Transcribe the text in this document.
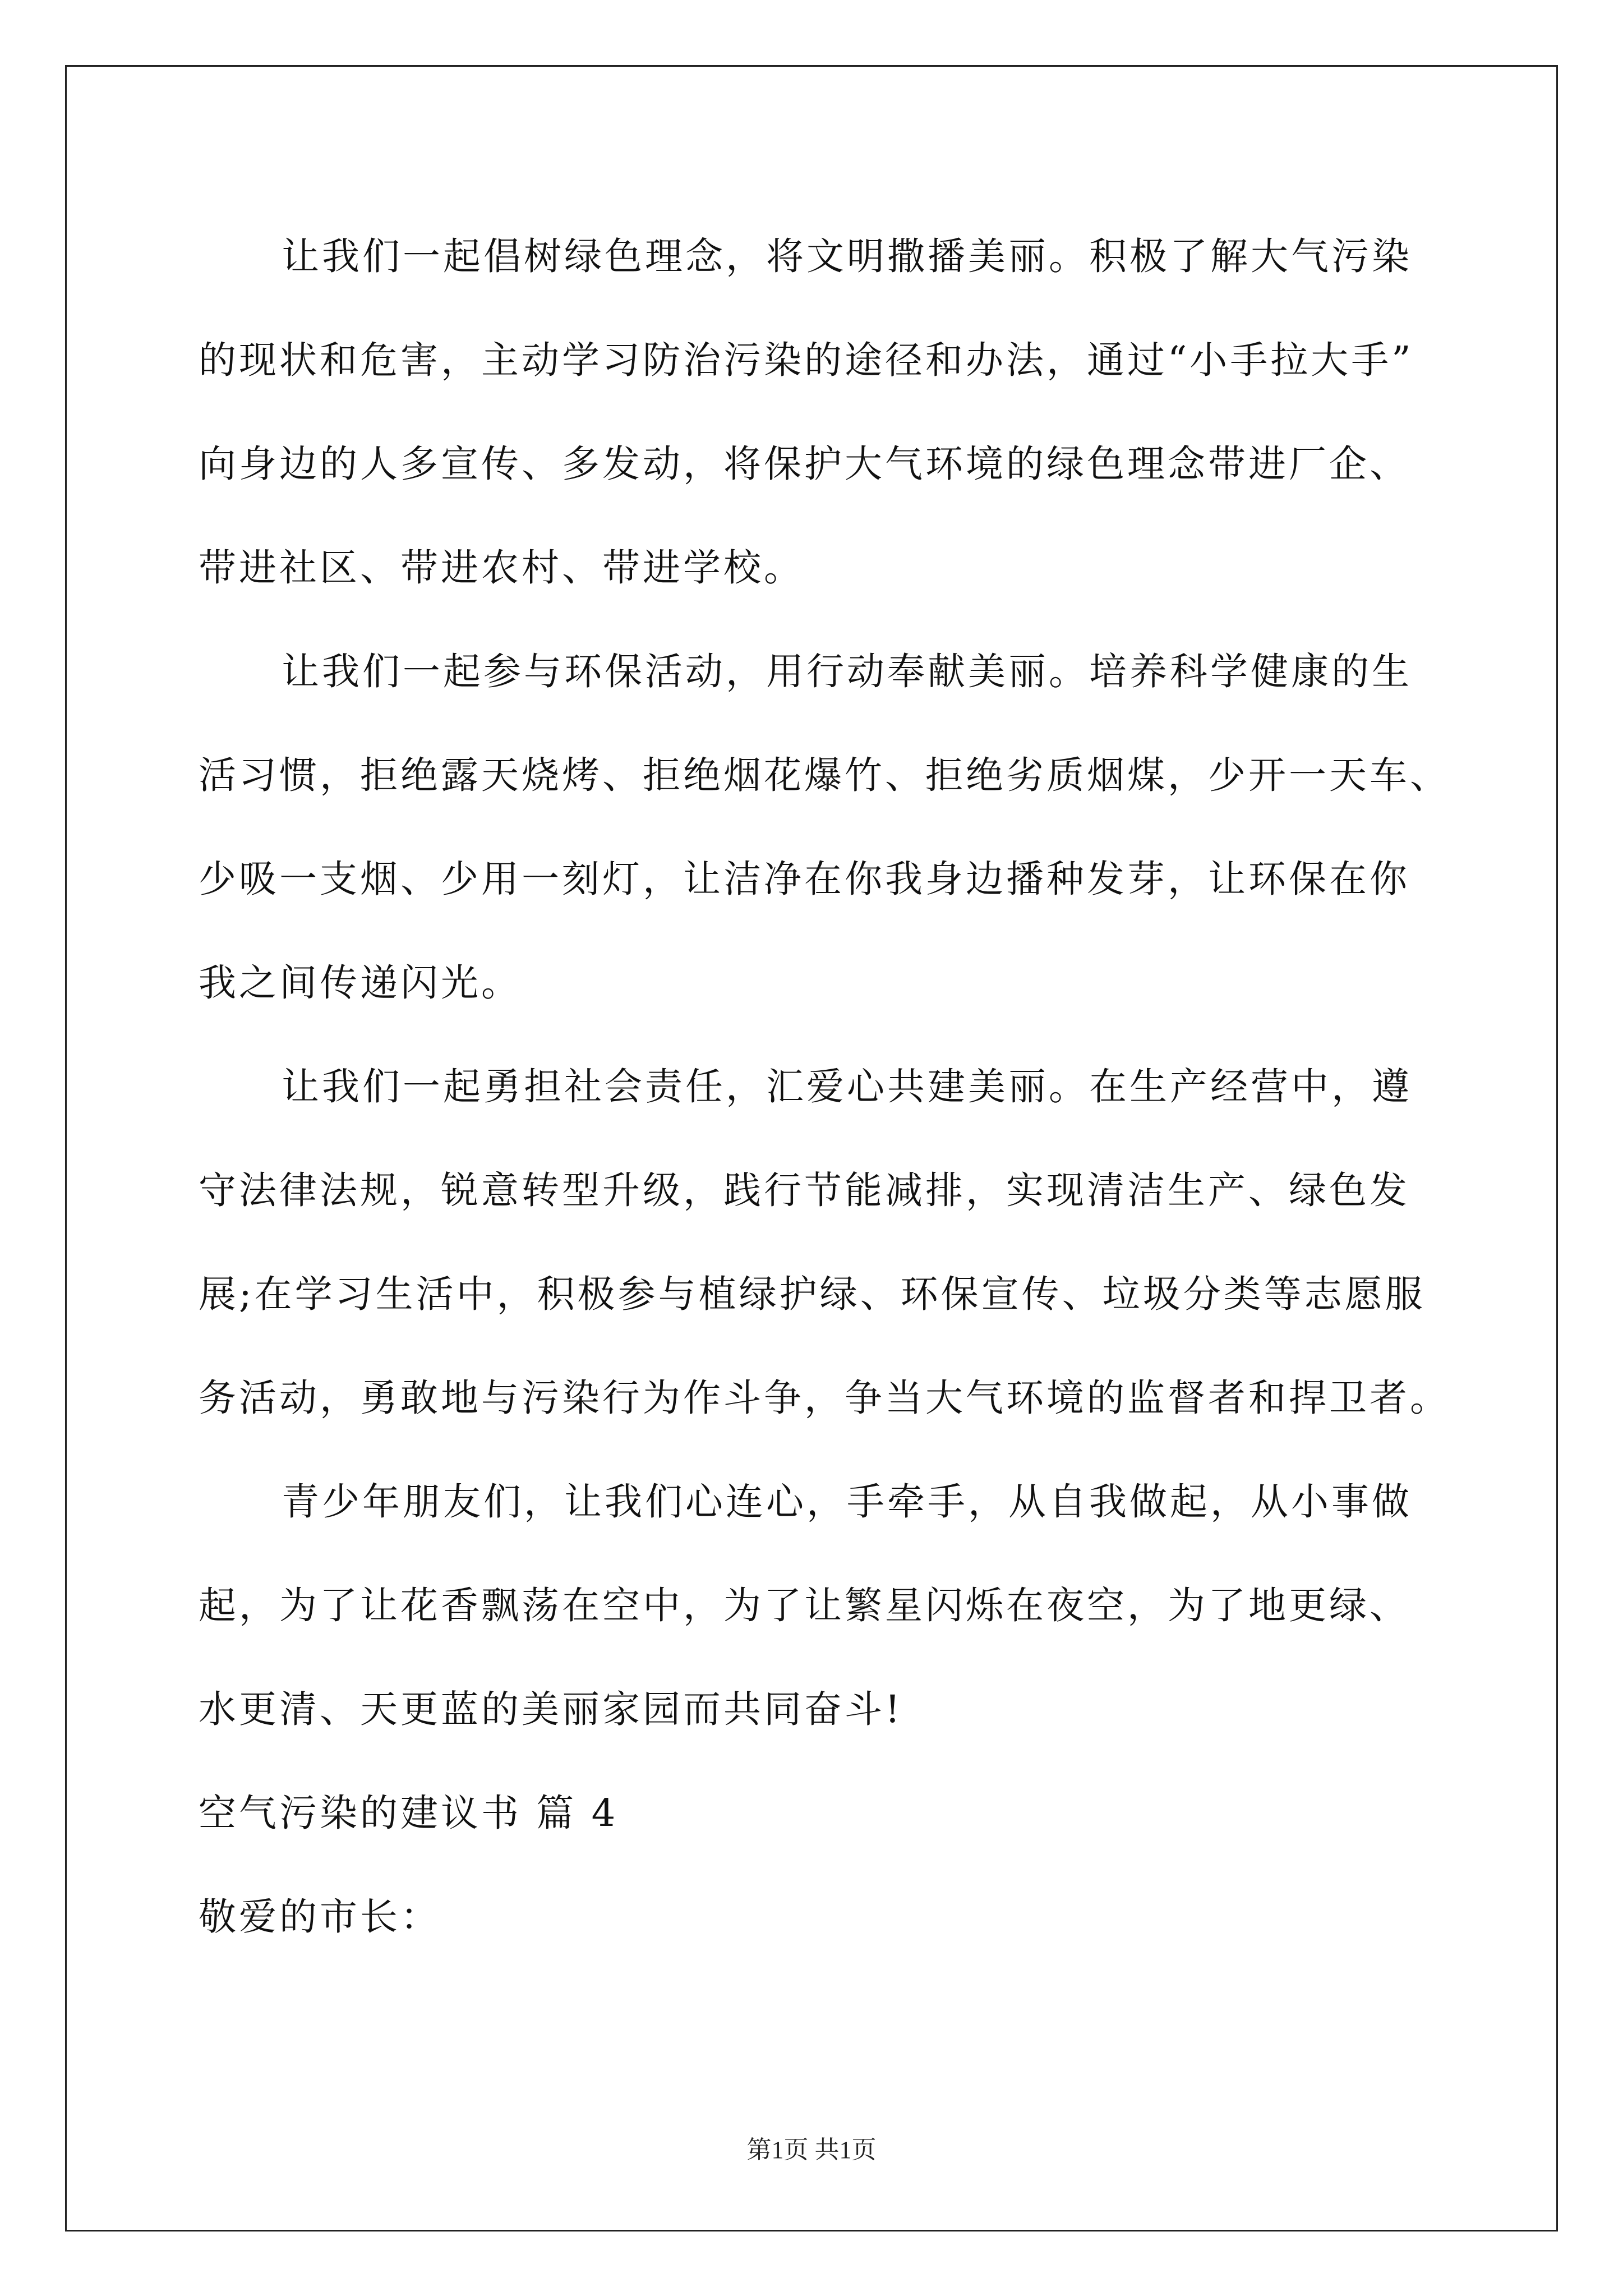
让我们一起倡树绿色理念，将文明撒播美丽。积极了解大气污染
的现状和危害，主动学习防治污染的途径和办法，通过“小手拉大手”
向身边的人多宣传、多发动，将保护大气环境的绿色理念带进厂企、
带进社区、带进农村、带进学校。
让我们一起参与环保活动，用行动奉献美丽。培养科学健康的生
活习惯，拒绝露天烧烤、拒绝烟花爆竹、拒绝劣质烟煤，少开一天车、
少吸一支烟、少用一刻灯，让洁净在你我身边播种发芽，让环保在你
我之间传递闪光。
让我们一起勇担社会责任，汇爱心共建美丽。在生产经营中，遵
守法律法规，锐意转型升级，践行节能减排，实现清洁生产、绿色发
展;在学习生活中，积极参与植绿护绿、环保宣传、垃圾分类等志愿服
务活动，勇敢地与污染行为作斗争，争当大气环境的监督者和捍卫者。
青少年朋友们，让我们心连心，手牵手，从自我做起，从小事做
起，为了让花香飘荡在空中，为了让繁星闪烁在夜空，为了地更绿、
水更清、天更蓝的美丽家园而共同奋斗!
空气污染的建议书 篇 4
敬爱的市长：
第1页 共1页
